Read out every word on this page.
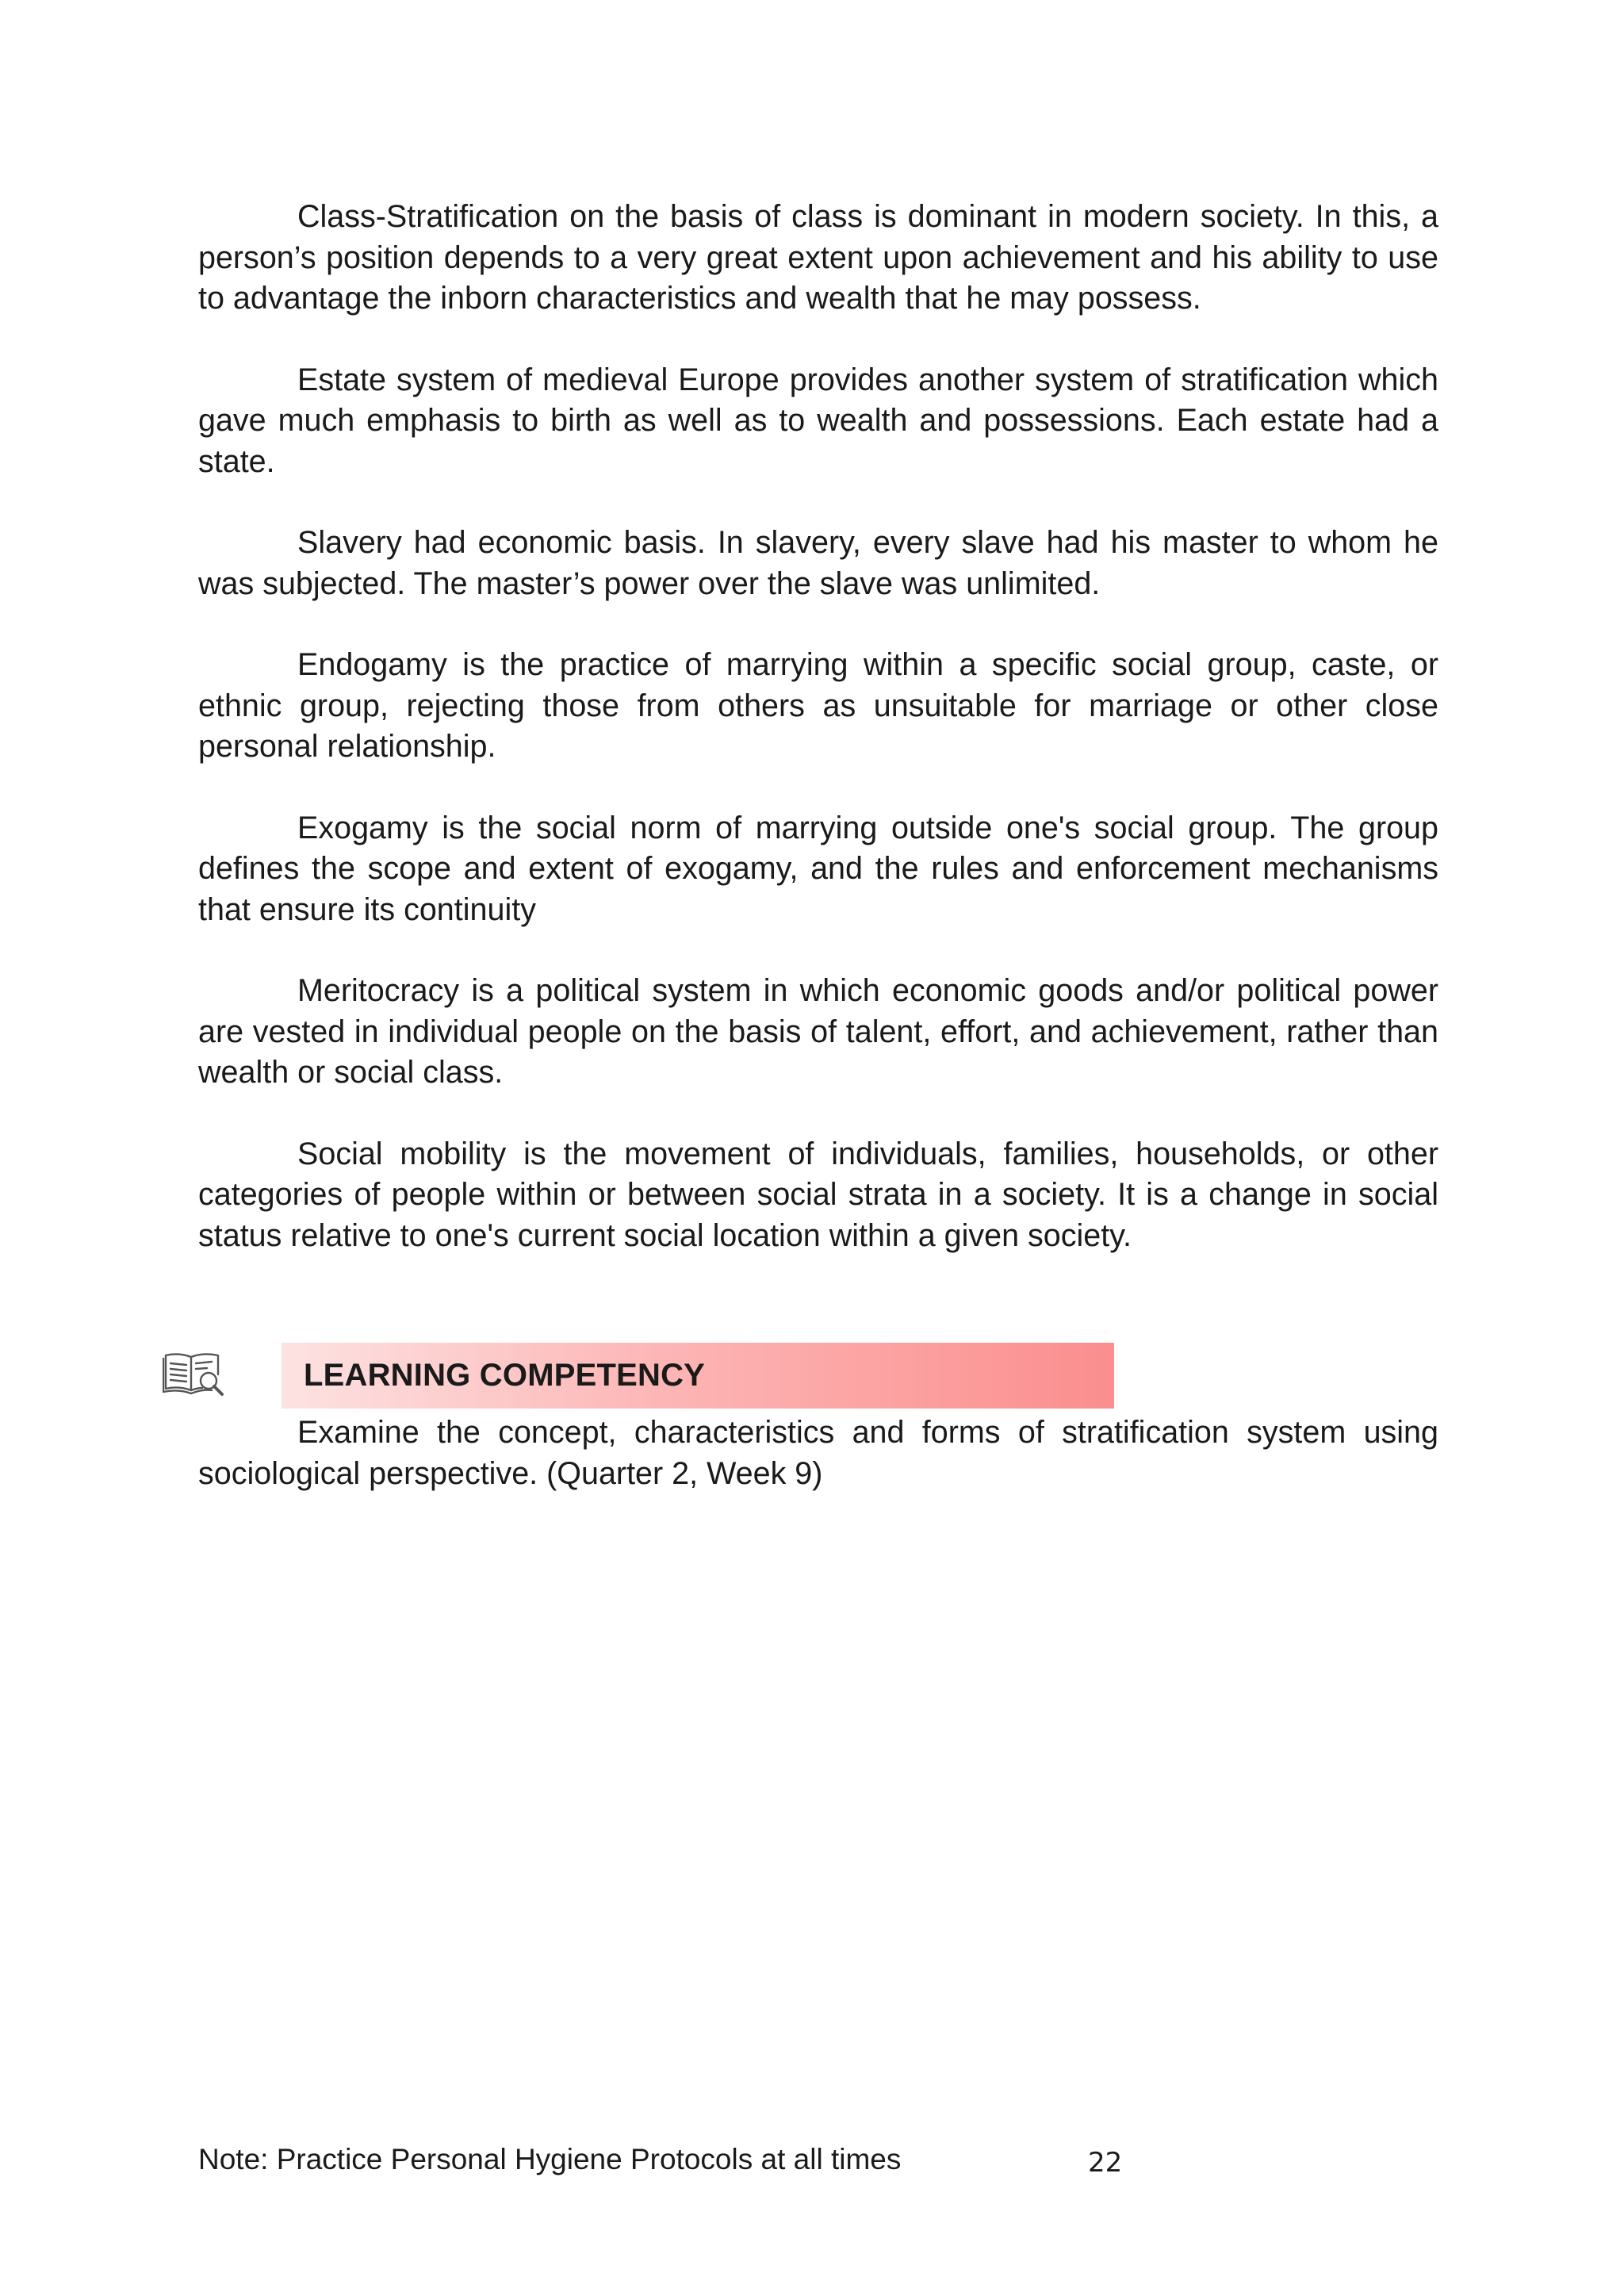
Class-Stratification on the basis of class is dominant in modern society. In this, a person’s position depends to a very great extent upon achievement and his ability to use to advantage the inborn characteristics and wealth that he may possess.

Estate system of medieval Europe provides another system of stratification which gave much emphasis to birth as well as to wealth and possessions. Each estate had a state.

Slavery had economic basis. In slavery, every slave had his master to whom he was subjected. The master’s power over the slave was unlimited.

Endogamy is the practice of marrying within a specific social group, caste, or ethnic group, rejecting those from others as unsuitable for marriage or other close personal relationship.

Exogamy is the social norm of marrying outside one's social group. The group defines the scope and extent of exogamy, and the rules and enforcement mechanisms that ensure its continuity

Meritocracy is a political system in which economic goods and/or political power are vested in individual people on the basis of talent, effort, and achievement, rather than wealth or social class.

Social mobility is the movement of individuals, families, households, or other categories of people within or between social strata in a society. It is a change in social status relative to one's current social location within a given society.

LEARNING COMPETENCY

Examine the concept, characteristics and forms of stratification system using sociological perspective. (Quarter 2, Week 9)

Note: Practice Personal Hygiene Protocols at all times	22
